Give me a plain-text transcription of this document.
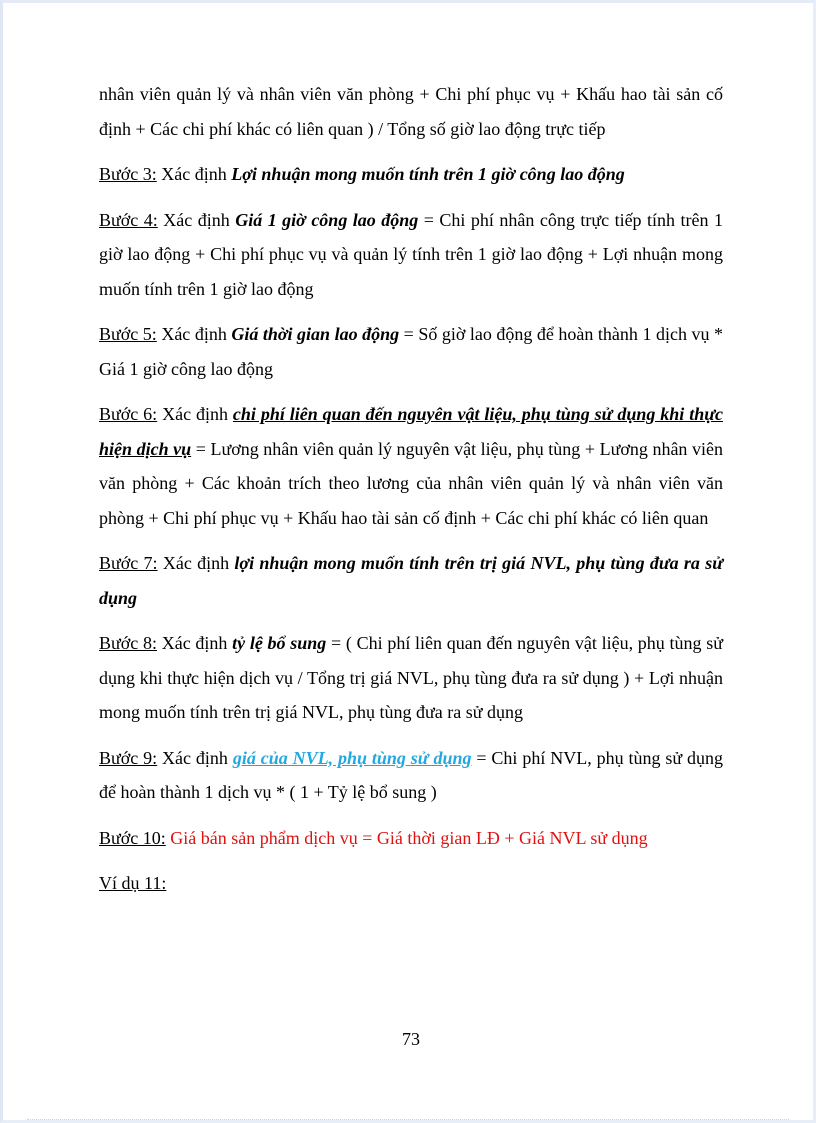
nhân viên quản lý và nhân viên văn phòng + Chi phí phục vụ + Khấu hao tài sản cố định + Các chi phí khác có liên quan ) / Tổng số giờ lao động trực tiếp

Bước 3: Xác định Lợi nhuận mong muốn tính trên 1 giờ công lao động

Bước 4: Xác định Giá 1 giờ công lao động = Chi phí nhân công trực tiếp tính trên 1 giờ lao động + Chi phí phục vụ và quản lý tính trên 1 giờ lao động + Lợi nhuận mong muốn tính trên 1 giờ lao động

Bước 5: Xác định Giá thời gian lao động = Số giờ lao động để hoàn thành 1 dịch vụ * Giá 1 giờ công lao động

Bước 6: Xác định chi phí liên quan đến nguyên vật liệu, phụ tùng sử dụng khi thực hiện dịch vụ = Lương nhân viên quản lý nguyên vật liệu, phụ tùng + Lương nhân viên văn phòng + Các khoản trích theo lương của nhân viên quản lý và nhân viên văn phòng + Chi phí phục vụ + Khấu hao tài sản cố định + Các chi phí khác có liên quan

Bước 7: Xác định lợi nhuận mong muốn tính trên trị giá NVL, phụ tùng đưa ra sử dụng

Bước 8: Xác định tỷ lệ bổ sung = ( Chi phí liên quan đến nguyên vật liệu, phụ tùng sử dụng khi thực hiện dịch vụ / Tổng trị giá NVL, phụ tùng đưa ra sử dụng ) + Lợi nhuận mong muốn tính trên trị giá NVL, phụ tùng đưa ra sử dụng

Bước 9: Xác định giá của NVL, phụ tùng sử dụng = Chi phí NVL, phụ tùng sử dụng để hoàn thành 1 dịch vụ * ( 1 + Tỷ lệ bổ sung )

Bước 10: Giá bán sản phẩm dịch vụ = Giá thời gian LĐ + Giá NVL sử dụng

Ví dụ 11:

73
